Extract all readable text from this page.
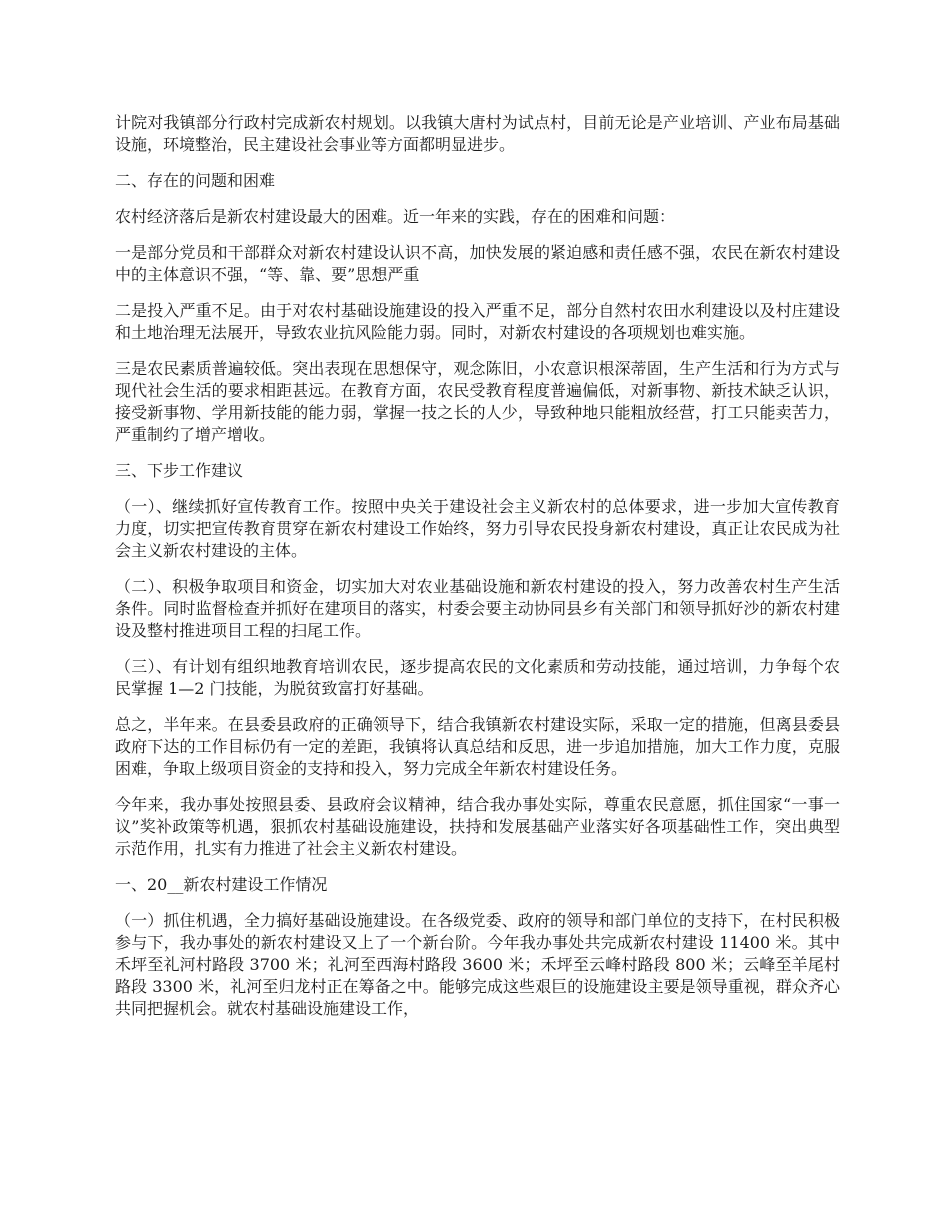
计院对我镇部分行政村完成新农村规划。以我镇大唐村为试点村，目前无论是产业培训、产业布局基础设施，环境整治，民主建设社会事业等方面都明显进步。

二、存在的问题和困难

农村经济落后是新农村建设最大的困难。近一年来的实践，存在的困难和问题：

一是部分党员和干部群众对新农村建设认识不高，加快发展的紧迫感和责任感不强，农民在新农村建设中的主体意识不强，“等、靠、要”思想严重

二是投入严重不足。由于对农村基础设施建设的投入严重不足，部分自然村农田水利建设以及村庄建设和土地治理无法展开，导致农业抗风险能力弱。同时，对新农村建设的各项规划也难实施。

三是农民素质普遍较低。突出表现在思想保守，观念陈旧，小农意识根深蒂固，生产生活和行为方式与现代社会生活的要求相距甚远。在教育方面，农民受教育程度普遍偏低，对新事物、新技术缺乏认识，接受新事物、学用新技能的能力弱，掌握一技之长的人少，导致种地只能粗放经营，打工只能卖苦力，严重制约了增产增收。

三、下步工作建议

（一）、继续抓好宣传教育工作。按照中央关于建设社会主义新农村的总体要求，进一步加大宣传教育力度，切实把宣传教育贯穿在新农村建设工作始终，努力引导农民投身新农村建设，真正让农民成为社会主义新农村建设的主体。

（二）、积极争取项目和资金，切实加大对农业基础设施和新农村建设的投入，努力改善农村生产生活条件。同时监督检查并抓好在建项目的落实，村委会要主动协同县乡有关部门和领导抓好沙的新农村建设及整村推进项目工程的扫尾工作。

（三）、有计划有组织地教育培训农民，逐步提高农民的文化素质和劳动技能，通过培训，力争每个农民掌握 1—2 门技能，为脱贫致富打好基础。

总之，半年来。在县委县政府的正确领导下，结合我镇新农村建设实际，采取一定的措施，但离县委县政府下达的工作目标仍有一定的差距，我镇将认真总结和反思，进一步追加措施，加大工作力度，克服困难，争取上级项目资金的支持和投入，努力完成全年新农村建设任务。

今年来，我办事处按照县委、县政府会议精神，结合我办事处实际，尊重农民意愿，抓住国家“一事一议”奖补政策等机遇，狠抓农村基础设施建设，扶持和发展基础产业落实好各项基础性工作，突出典型示范作用，扎实有力推进了社会主义新农村建设。

一、20__新农村建设工作情况

（一）抓住机遇，全力搞好基础设施建设。在各级党委、政府的领导和部门单位的支持下，在村民积极参与下，我办事处的新农村建设又上了一个新台阶。今年我办事处共完成新农村建设 11400 米。其中禾坪至礼河村路段 3700 米；礼河至西海村路段 3600 米；禾坪至云峰村路段 800 米；云峰至羊尾村路段 3300 米，礼河至归龙村正在筹备之中。能够完成这些艰巨的设施建设主要是领导重视，群众齐心共同把握机会。就农村基础设施建设工作，
